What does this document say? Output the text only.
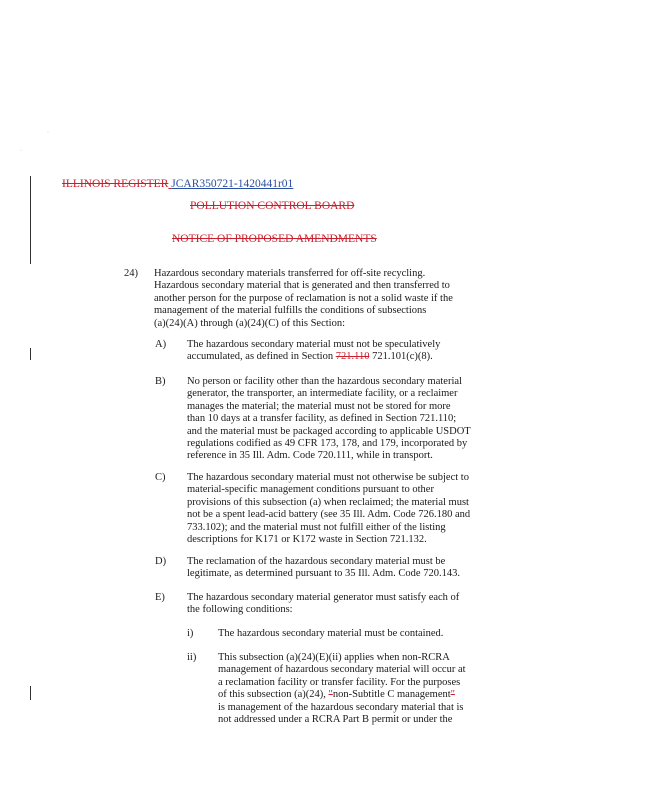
·
·
ILLINOIS REGISTER JCAR350721-1420441r01
POLLUTION CONTROL BOARD
NOTICE OF PROPOSED AMENDMENTS
24) Hazardous secondary materials transferred for off-site recycling.
Hazardous secondary material that is generated and then transferred to
another person for the purpose of reclamation is not a solid waste if the
management of the material fulfills the conditions of subsections
(a)(24)(A) through (a)(24)(C) of this Section:
A) The hazardous secondary material must not be speculatively
accumulated, as defined in Section 721.110 721.101(c)(8).
B) No person or facility other than the hazardous secondary material
generator, the transporter, an intermediate facility, or a reclaimer
manages the material; the material must not be stored for more
than 10 days at a transfer facility, as defined in Section 721.110;
and the material must be packaged according to applicable USDOT
regulations codified as 49 CFR 173, 178, and 179, incorporated by
reference in 35 Ill. Adm. Code 720.111, while in transport.
C) The hazardous secondary material must not otherwise be subject to
material-specific management conditions pursuant to other
provisions of this subsection (a) when reclaimed; the material must
not be a spent lead-acid battery (see 35 Ill. Adm. Code 726.180 and
733.102); and the material must not fulfill either of the listing
descriptions for K171 or K172 waste in Section 721.132.
D) The reclamation of the hazardous secondary material must be
legitimate, as determined pursuant to 35 Ill. Adm. Code 720.143.
E) The hazardous secondary material generator must satisfy each of
the following conditions:
i) The hazardous secondary material must be contained.
ii) This subsection (a)(24)(E)(ii) applies when non-RCRA
management of hazardous secondary material will occur at
a reclamation facility or transfer facility. For the purposes
of this subsection (a)(24), "non-Subtitle C management"
is management of the hazardous secondary material that is
not addressed under a RCRA Part B permit or under the
